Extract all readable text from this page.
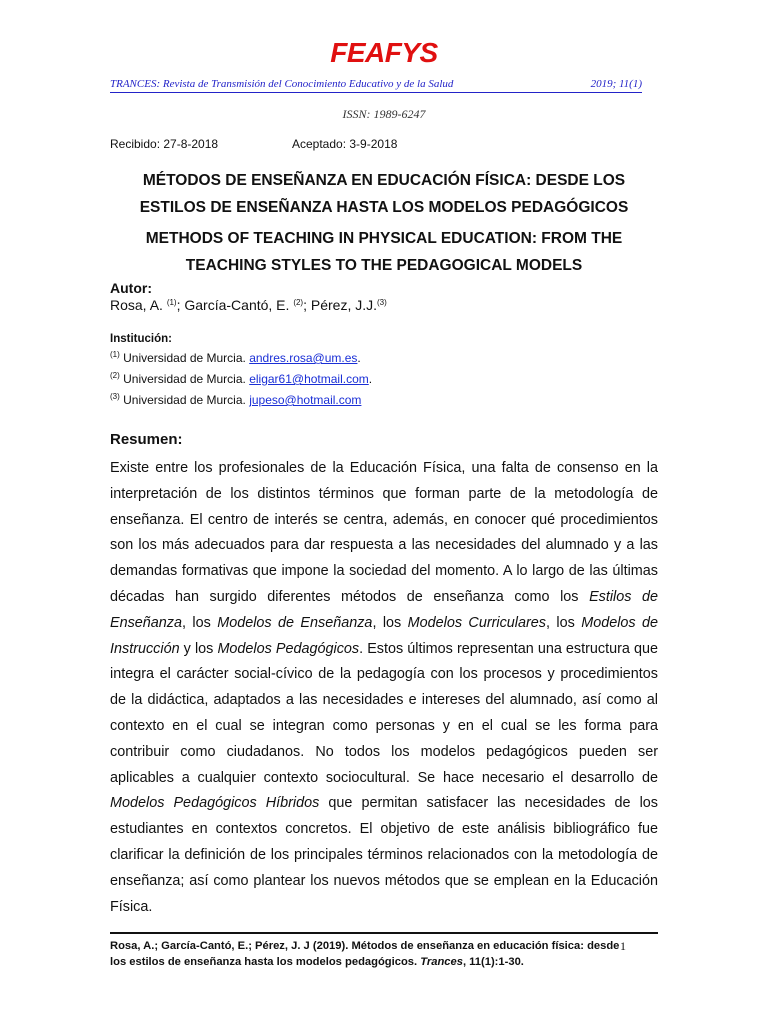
FEAFYS
TRANCES: Revista de Transmisión del Conocimiento Educativo y de la Salud	2019; 11(1)
ISSN: 1989-6247
Recibido: 27-8-2018	Aceptado: 3-9-2018
MÉTODOS DE ENSEÑANZA EN EDUCACIÓN FÍSICA: DESDE LOS
ESTILOS DE ENSEÑANZA HASTA LOS MODELOS PEDAGÓGICOS
METHODS OF TEACHING IN PHYSICAL EDUCATION: FROM THE
TEACHING STYLES TO THE PEDAGOGICAL MODELS
Autor:
Rosa, A. $^{(1)}$; García-Cantó, E. $^{(2)}$; Pérez, J.J.$^{(3)}$
Institución:
$^{(1)}$ Universidad de Murcia. andres.rosa@um.es.
$^{(2)}$ Universidad de Murcia. eligar61@hotmail.com.
$^{(3)}$ Universidad de Murcia. jupeso@hotmail.com
Resumen:
Existe entre los profesionales de la Educación Física, una falta de consenso en la interpretación de los distintos términos que forman parte de la metodología de enseñanza. El centro de interés se centra, además, en conocer qué procedimientos son los más adecuados para dar respuesta a las necesidades del alumnado y a las demandas formativas que impone la sociedad del momento. A lo largo de las últimas décadas han surgido diferentes métodos de enseñanza como los Estilos de Enseñanza, los Modelos de Enseñanza, los Modelos Curriculares, los Modelos de Instrucción y los Modelos Pedagógicos. Estos últimos representan una estructura que integra el carácter social-cívico de la pedagogía con los procesos y procedimientos de la didáctica, adaptados a las necesidades e intereses del alumnado, así como al contexto en el cual se integran como personas y en el cual se les forma para contribuir como ciudadanos. No todos los modelos pedagógicos pueden ser aplicables a cualquier contexto sociocultural. Se hace necesario el desarrollo de Modelos Pedagógicos Híbridos que permitan satisfacer las necesidades de los estudiantes en contextos concretos. El objetivo de este análisis bibliográfico fue clarificar la definición de los principales términos relacionados con la metodología de enseñanza; así como plantear los nuevos métodos que se emplean en la Educación Física.
Rosa, A.; García-Cantó, E.; Pérez, J. J (2019). Métodos de enseñanza en educación física: desde los estilos de enseñanza hasta los modelos pedagógicos. Trances, 11(1):1-30.
1
